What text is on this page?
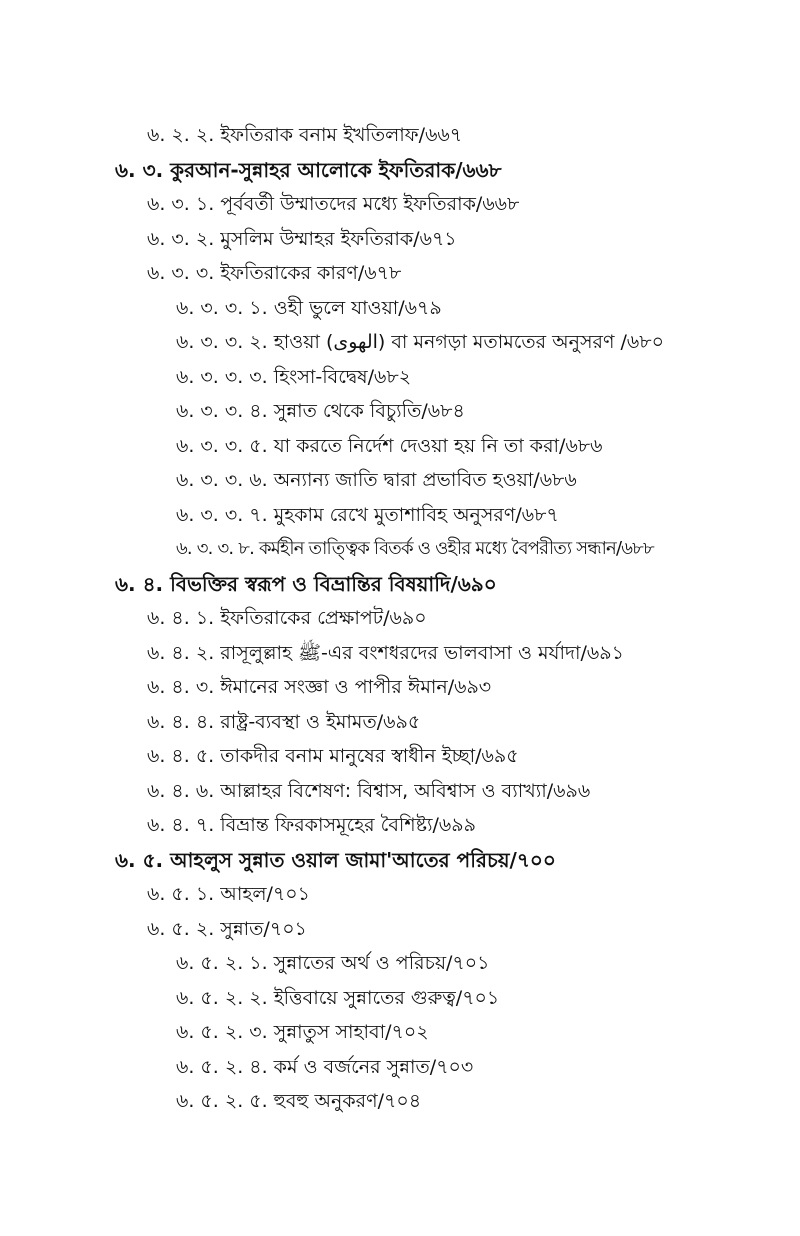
৬. ২. ২. ইফতিরাক বনাম ইখতিলাফ/৬৬৭
৬. ৩. কুরআন-সুন্নাহর আলোকে ইফতিরাক/৬৬৮
৬. ৩. ১. পূর্ববর্তী উম্মাতদের মধ্যে ইফতিরাক/৬৬৮
৬. ৩. ২. মুসলিম উম্মাহর ইফতিরাক/৬৭১
৬. ৩. ৩. ইফতিরাকের কারণ/৬৭৮
৬. ৩. ৩. ১. ওহী ভুলে যাওয়া/৬৭৯
৬. ৩. ৩. ২. হাওয়া (الهوى) বা মনগড়া মতামতের অনুসরণ /৬৮০
৬. ৩. ৩. ৩. হিংসা-বিদ্বেষ/৬৮২
৬. ৩. ৩. ৪. সুন্নাত থেকে বিচ্যুতি/৬৮৪
৬. ৩. ৩. ৫. যা করতে নির্দেশ দেওয়া হয় নি তা করা/৬৮৬
৬. ৩. ৩. ৬. অন্যান্য জাতি দ্বারা প্রভাবিত হওয়া/৬৮৬
৬. ৩. ৩. ৭. মুহকাম রেখে মুতাশাবিহ অনুসরণ/৬৮৭
৬. ৩. ৩. ৮. কর্মহীন তাত্ত্বিক বিতর্ক ও ওহীর মধ্যে বৈপরীত্য সন্ধান/৬৮৮
৬. ৪. বিভক্তির স্বরূপ ও বিভ্রান্তির বিষয়াদি/৬৯০
৬. ৪. ১. ইফতিরাকের প্রেক্ষাপট/৬৯০
৬. ৪. ২. রাসূলুল্লাহ ﷺ-এর বংশধরদের ভালবাসা ও মর্যাদা/৬৯১
৬. ৪. ৩. ঈমানের সংজ্ঞা ও পাপীর ঈমান/৬৯৩
৬. ৪. ৪. রাষ্ট্র-ব্যবস্থা ও ইমামত/৬৯৫
৬. ৪. ৫. তাকদীর বনাম মানুষের স্বাধীন ইচ্ছা/৬৯৫
৬. ৪. ৬. আল্লাহর বিশেষণ: বিশ্বাস, অবিশ্বাস ও ব্যাখ্যা/৬৯৬
৬. ৪. ৭. বিভ্রান্ত ফিরকাসমূহের বৈশিষ্ট্য/৬৯৯
৬. ৫. আহলুস সুন্নাত ওয়াল জামা'আতের পরিচয়/৭০০
৬. ৫. ১. আহল/৭০১
৬. ৫. ২. সুন্নাত/৭০১
৬. ৫. ২. ১. সুন্নাতের অর্থ ও পরিচয়/৭০১
৬. ৫. ২. ২. ইত্তিবায়ে সুন্নাতের গুরুত্ব/৭০১
৬. ৫. ২. ৩. সুন্নাতুস সাহাবা/৭০২
৬. ৫. ২. ৪. কর্ম ও বর্জনের সুন্নাত/৭০৩
৬. ৫. ২. ৫. হুবহু অনুকরণ/৭০৪
